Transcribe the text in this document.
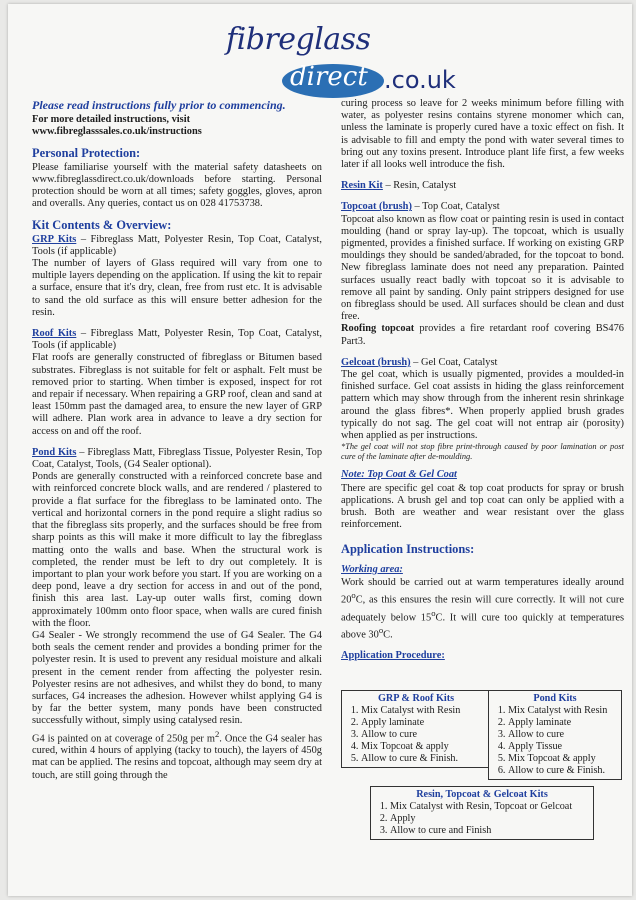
fibreglass
direct .co.uk
Please read instructions fully prior to commencing.
For more detailed instructions, visit
www.fibreglasssales.co.uk/instructions
Personal Protection:

Please familiarise yourself with the material safety datasheets on www.fibreglassdirect.co.uk/downloads before starting. Personal protection should be worn at all times; safety goggles, gloves, apron and overalls. Any queries, contact us on 028 41753738.

Kit Contents & Overview:

GRP Kits – Fibreglass Matt, Polyester Resin, Top Coat, Catalyst, Tools (if applicable)

The number of layers of Glass required will vary from one to multiple layers depending on the application. If using the kit to repair a surface, ensure that it's dry, clean, free from rust etc. It is advisable to sand the old surface as this will ensure better adhesion for the resin.

Roof Kits – Fibreglass Matt, Polyester Resin, Top Coat, Catalyst, Tools (if applicable)

Flat roofs are generally constructed of fibreglass or Bitumen based substrates. Fibreglass is not suitable for felt or asphalt. Felt must be removed prior to starting. When timber is exposed, inspect for rot and repair if necessary. When repairing a GRP roof, clean and sand at least 150mm past the damaged area, to ensure the new layer of GRP will adhere. Plan work area in advance to leave a dry section for access on and off the roof.

Pond Kits – Fibreglass Matt, Fibreglass Tissue, Polyester Resin, Top Coat, Catalyst, Tools, (G4 Sealer optional).

Ponds are generally constructed with a reinforced concrete base and with reinforced concrete block walls, and are rendered / plastered to provide a flat surface for the fibreglass to be laminated onto. The vertical and horizontal corners in the pond require a slight radius so that the fibreglass sits properly, and the surfaces should be free from sharp points as this will make it more difficult to lay the fibreglass matting onto the walls and base. When the structural work is completed, the render must be left to dry out completely. It is important to plan your work before you start. If you are working on a deep pond, leave a dry section for access in and out of the pond, finish this area last. Lay-up outer walls first, coming down approximately 100mm onto floor space, when walls are cured finish with the floor.

G4 Sealer - We strongly recommend the use of G4 Sealer. The G4 both seals the cement render and provides a bonding primer for the polyester resin. It is used to prevent any residual moisture and alkali present in the cement render from affecting the polyester resin. Polyester resins are not adhesives, and whilst they do bond, to many surfaces, G4 increases the adhesion. However whilst applying G4 is by far the better system, many ponds have been constructed successfully without, simply using catalysed resin.

G4 is painted on at coverage of 250g per $m^2$. Once the G4 sealer has cured, within 4 hours of applying (tacky to touch), the layers of 450g mat can be applied. The resins and topcoat, although may seem dry at touch, are still going through the

curing process so leave for 2 weeks minimum before filling with water, as polyester resins contains styrene monomer which can, unless the laminate is properly cured have a toxic effect on fish. It is advisable to fill and empty the pond with water several times to bring out any toxins present. Introduce plant life first, a few weeks later if all looks well introduce the fish.

Resin Kit – Resin, Catalyst

Topcoat (brush) – Top Coat, Catalyst

Topcoat also known as flow coat or painting resin is used in contact moulding (hand or spray lay-up). The topcoat, which is usually pigmented, provides a finished surface. If working on existing GRP mouldings they should be sanded/abraded, for the topcoat to bond. New fibreglass laminate does not need any preparation. Painted surfaces usually react badly with topcoat so it is advisable to remove all paint by sanding. Only paint strippers designed for use on fibreglass should be used. All surfaces should be clean and dust free.

Roofing topcoat provides a fire retardant roof covering BS476 Part3.

Gelcoat (brush) – Gel Coat, Catalyst

The gel coat, which is usually pigmented, provides a moulded-in finished surface. Gel coat assists in hiding the glass reinforcement pattern which may show through from the inherent resin shrinkage around the glass fibres*. When properly applied brush grades typically do not sag. The gel coat will not entrap air (porosity) when applied as per instructions.

*The gel coat will not stop fibre print-through caused by poor lamination or post cure of the laminate after de-moulding.

Note: Top Coat & Gel Coat

There are specific gel coat & top coat products for spray or brush applications. A brush gel and top coat can only be applied with a brush. Both are weather and wear resistant over the glass reinforcement.

Application Instructions:
Working area:

Work should be carried out at warm temperatures ideally around 20$^o$C, as this ensures the resin will cure correctly. It will not cure adequately below 15$^o$C. It will cure too quickly at temperatures above 30$^o$C.

Application Procedure:
GRP & Roof Kits
1. Mix Catalyst with Resin
2. Apply laminate
3. Allow to cure
4. Mix Topcoat & apply
5. Allow to cure & Finish.
Pond Kits
1. Mix Catalyst with Resin
2. Apply laminate
3. Allow to cure
4. Apply Tissue
5. Mix Topcoat & apply
6. Allow to cure & Finish.
Resin, Topcoat & Gelcoat Kits
1. Mix Catalyst with Resin, Topcoat or Gelcoat
2. Apply
3. Allow to cure and Finish
